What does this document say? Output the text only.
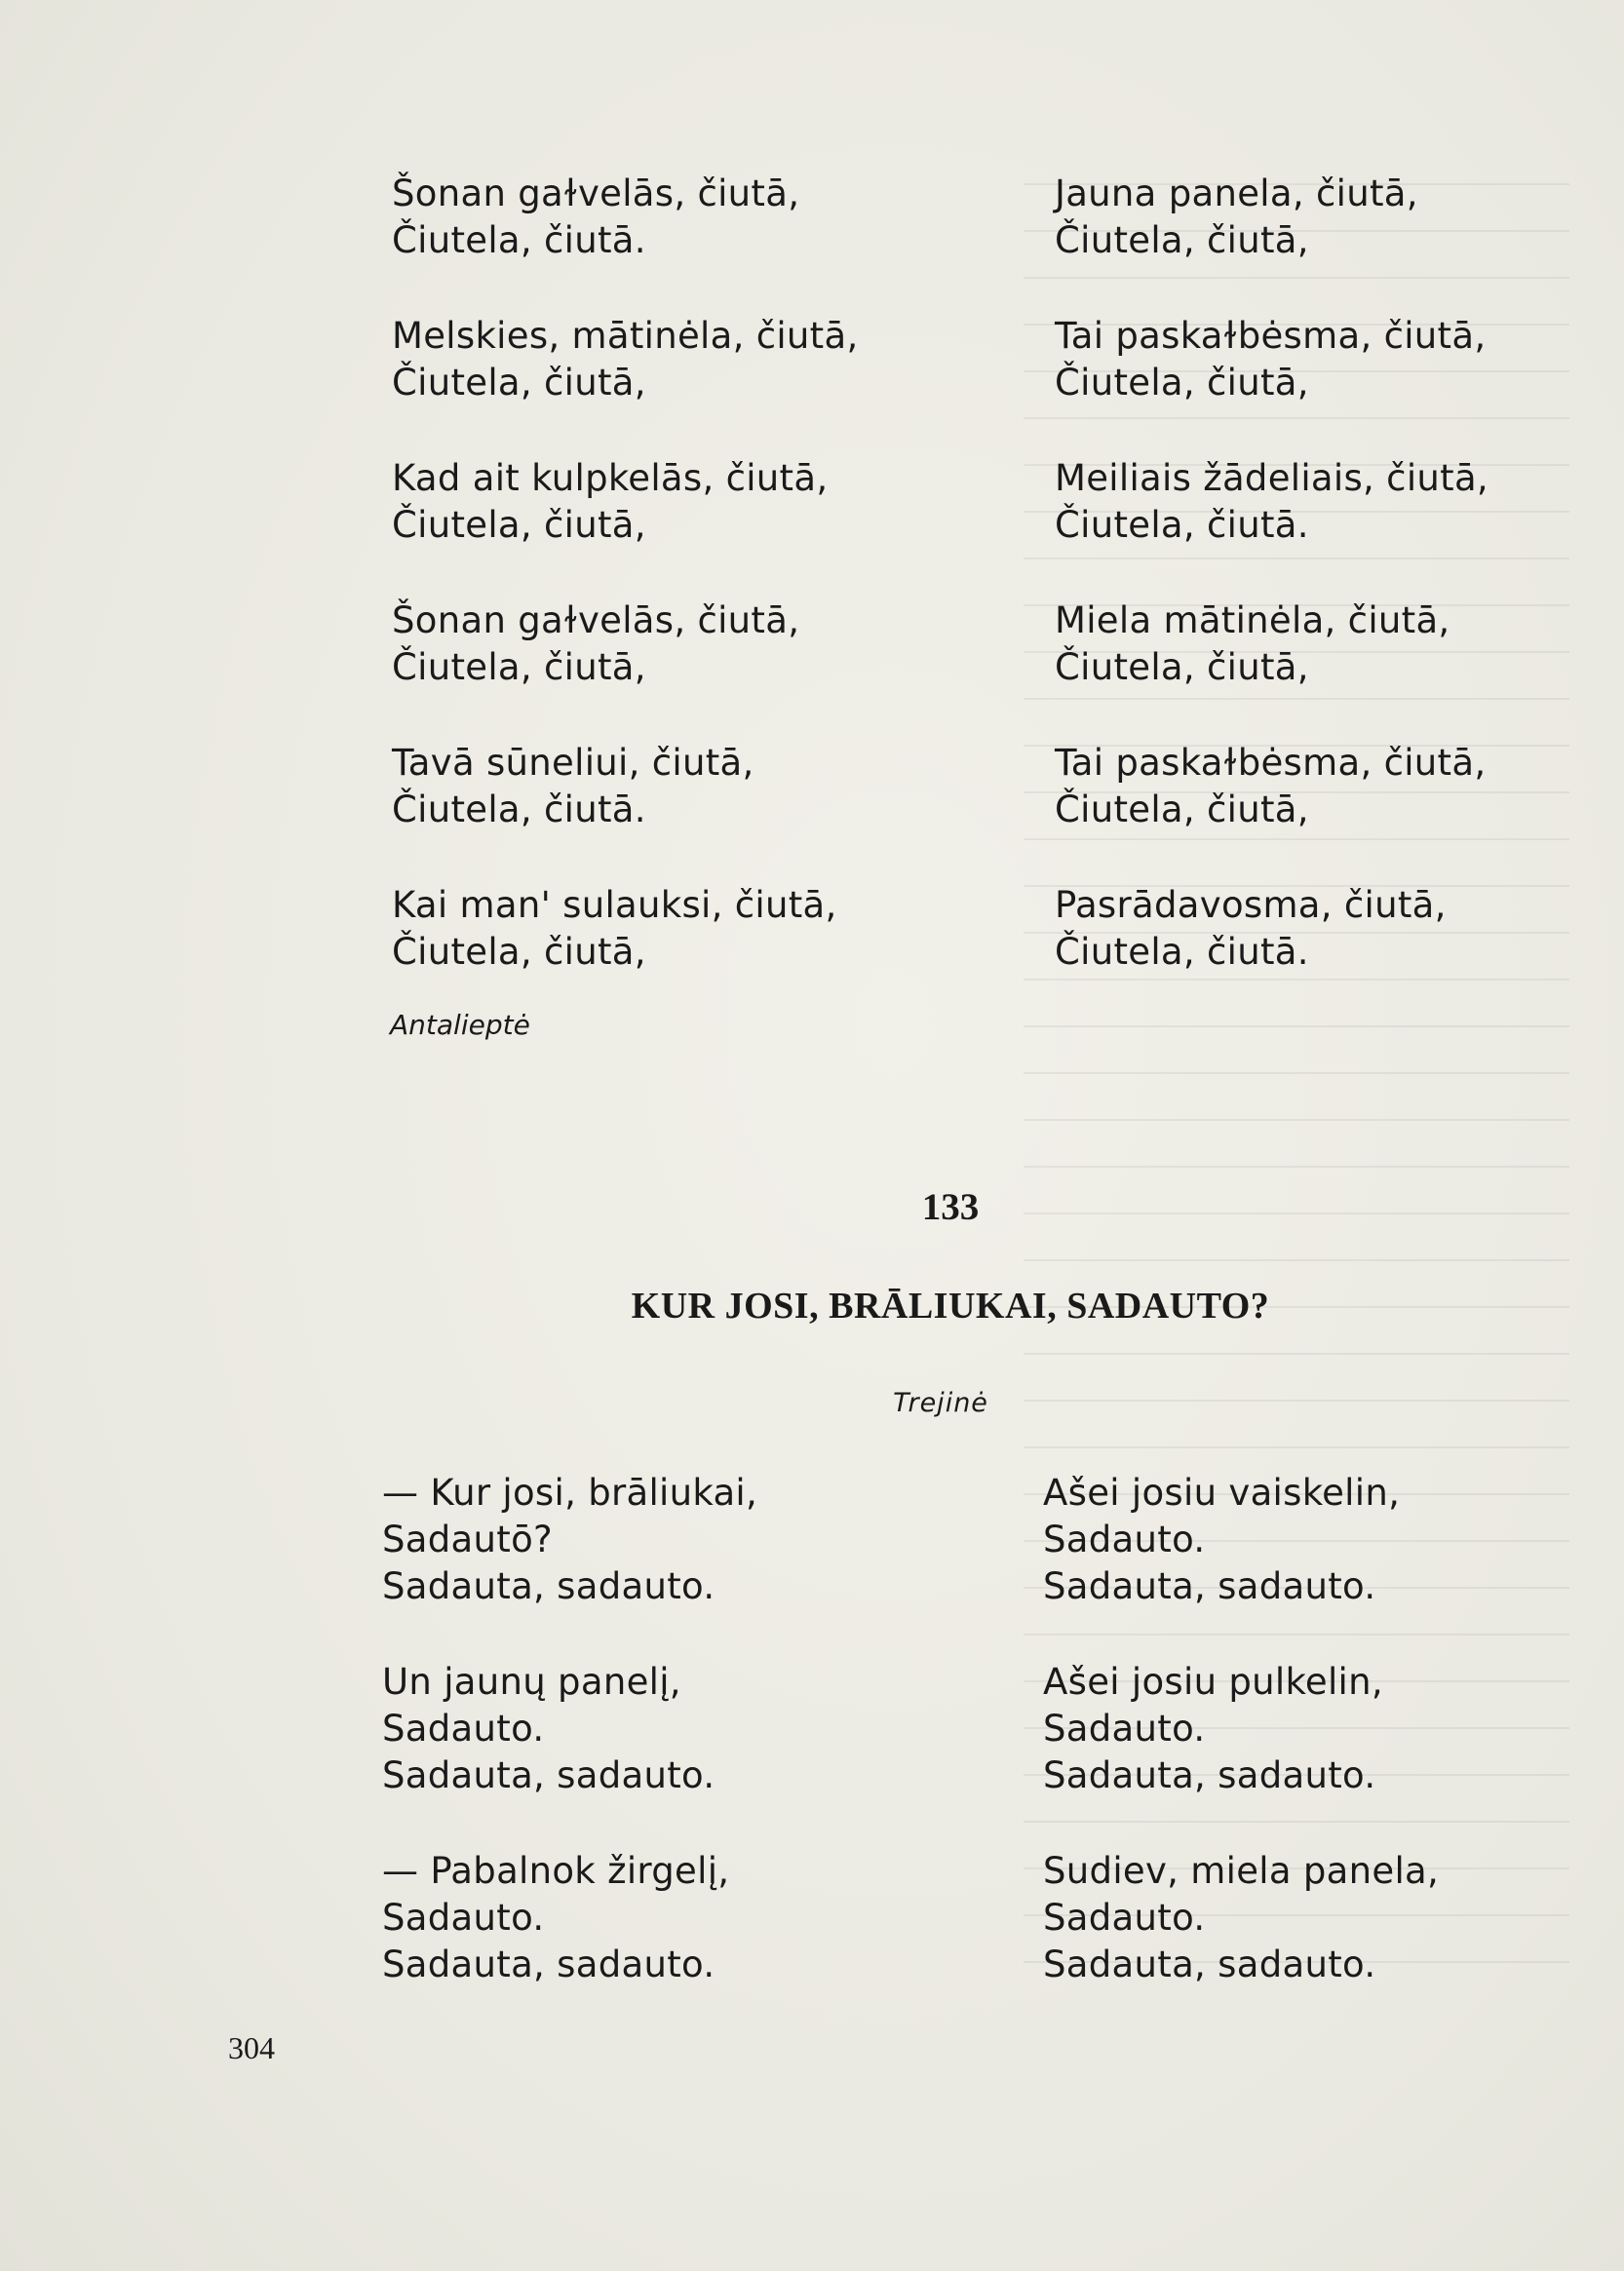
Šonan gaɫvelās, čiutā,
Čiutela, čiutā.
Melskies, mātinėla, čiutā,
Čiutela, čiutā,
Kad ait kulpkelās, čiutā,
Čiutela, čiutā,
Šonan gaɫvelās, čiutā,
Čiutela, čiutā,
Tavā sūneliui, čiutā,
Čiutela, čiutā.
Kai man' sulauksi, čiutā,
Čiutela, čiutā,
Jauna panela, čiutā,
Čiutela, čiutā,
Tai paskaɫbėsma, čiutā,
Čiutela, čiutā,
Meiliais žādeliais, čiutā,
Čiutela, čiutā.
Miela mātinėla, čiutā,
Čiutela, čiutā,
Tai paskaɫbėsma, čiutā,
Čiutela, čiutā,
Pasrādavosma, čiutā,
Čiutela, čiutā.
Antalieptė
133
KUR JOSI, BRĀLIUKAI, SADAUTO?
Trejinė
— Kur josi, brāliukai,
Sadautō?
Sadauta, sadauto.
Un jaunų panelį,
Sadauto.
Sadauta, sadauto.
— Pabalnok žirgelį,
Sadauto.
Sadauta, sadauto.
Ašei josiu vaiskelin,
Sadauto.
Sadauta, sadauto.
Ašei josiu pulkelin,
Sadauto.
Sadauta, sadauto.
Sudiev, miela panela,
Sadauto.
Sadauta, sadauto.
304
